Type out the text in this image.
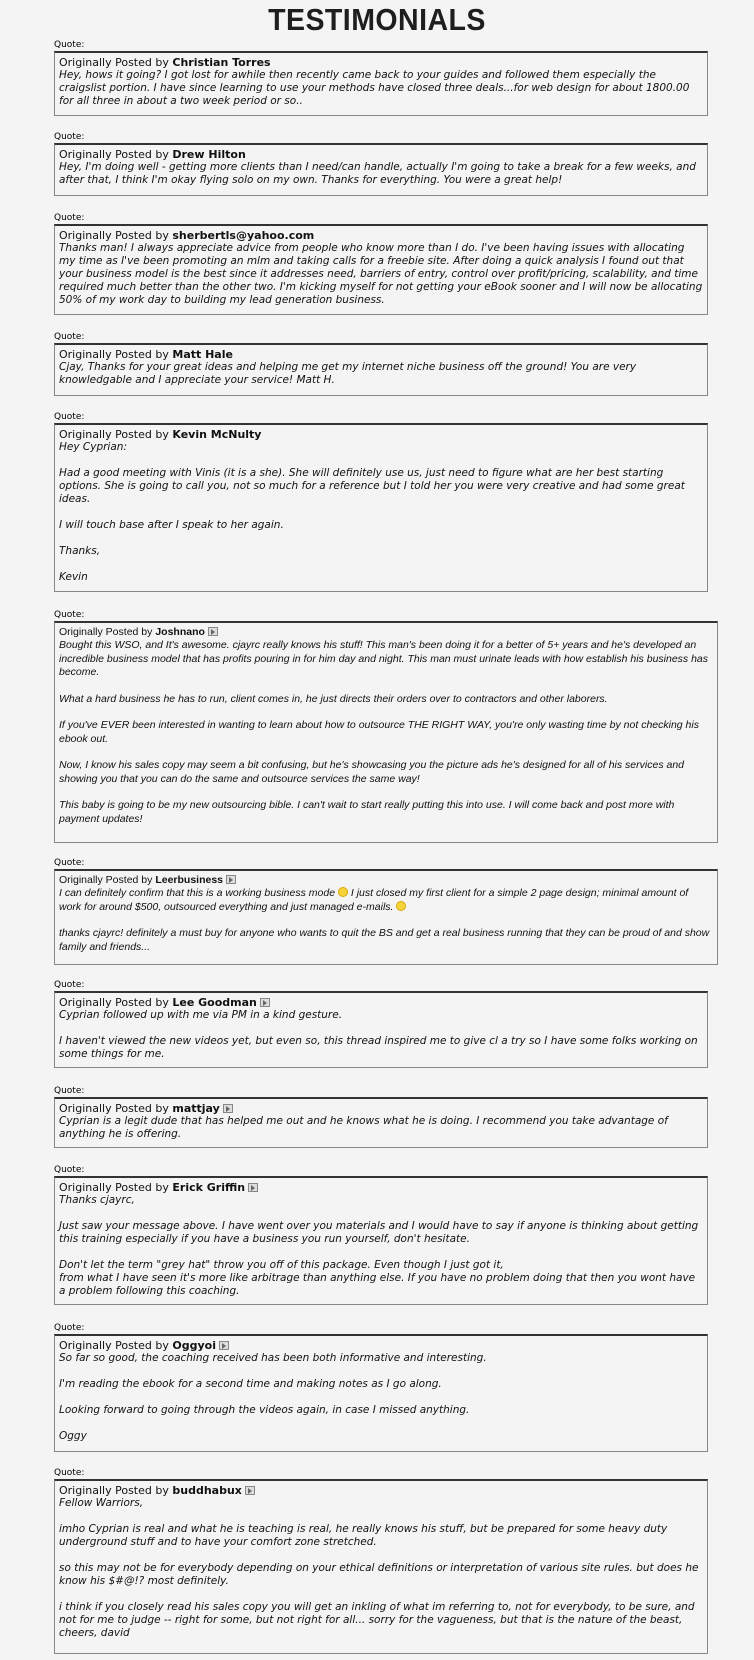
TESTIMONIALS
Quote:
Originally Posted by Christian Torres

Hey, hows it going? I got lost for awhile then recently came back to your guides and followed them especially the craigslist portion. I have since learning to use your methods have closed three deals...for web design for about 1800.00 for all three in about a two week period or so..

Quote:
Originally Posted by Drew Hilton

Hey, I'm doing well - getting more clients than I need/can handle, actually I'm going to take a break for a few weeks, and after that, I think I'm okay flying solo on my own. Thanks for everything. You were a great help!

Quote:
Originally Posted by sherbertls@yahoo.com

Thanks man! I always appreciate advice from people who know more than I do. I've been having issues with allocating my time as I've been promoting an mlm and taking calls for a freebie site. After doing a quick analysis I found out that your business model is the best since it addresses need, barriers of entry, control over profit/pricing, scalability, and time required much better than the other two. I'm kicking myself for not getting your eBook sooner and I will now be allocating 50% of my work day to building my lead generation business.

Quote:
Originally Posted by Matt Hale

Cjay, Thanks for your great ideas and helping me get my internet niche business off the ground! You are very knowledgable and I appreciate your service! Matt H.

Quote:
Originally Posted by Kevin McNulty

Hey Cyprian:

Had a good meeting with Vinis (it is a she). She will definitely use us, just need to figure what are her best starting options. She is going to call you, not so much for a reference but I told her you were very creative and had some great ideas.

I will touch base after I speak to her again.

Thanks,

Kevin

Quote:
Originally Posted by Joshnano

Bought this WSO, and It's awesome. cjayrc really knows his stuff! This man's been doing it for a better of 5+ years and he's developed an incredible business model that has profits pouring in for him day and night. This man must urinate leads with how establish his business has become.

What a hard business he has to run, client comes in, he just directs their orders over to contractors and other laborers.

If you've EVER been interested in wanting to learn about how to outsource THE RIGHT WAY, you're only wasting time by not checking his ebook out.

Now, I know his sales copy may seem a bit confusing, but he's showcasing you the picture ads he's designed for all of his services and showing you that you can do the same and outsource services the same way!

This baby is going to be my new outsourcing bible. I can't wait to start really putting this into use. I will come back and post more with payment updates!

Quote:
Originally Posted by Leerbusiness

I can definitely confirm that this is a working business mode I just closed my first client for a simple 2 page design; minimal amount of work for around $500, outsourced everything and just managed e-mails.

thanks cjayrc! definitely a must buy for anyone who wants to quit the BS and get a real business running that they can be proud of and show family and friends...

Quote:
Originally Posted by Lee Goodman

Cyprian followed up with me via PM in a kind gesture.

I haven't viewed the new videos yet, but even so, this thread inspired me to give cl a try so I have some folks working on some things for me.

Quote:
Originally Posted by mattjay

Cyprian is a legit dude that has helped me out and he knows what he is doing. I recommend you take advantage of anything he is offering.

Quote:
Originally Posted by Erick Griffin

Thanks cjayrc,

Just saw your message above. I have went over you materials and I would have to say if anyone is thinking about getting this training especially if you have a business you run yourself, don't hesitate.

Don't let the term "grey hat" throw you off of this package. Even though I just got it,

from what I have seen it's more like arbitrage than anything else. If you have no problem doing that then you wont have a problem following this coaching.

Quote:
Originally Posted by Oggyoi

So far so good, the coaching received has been both informative and interesting.

I'm reading the ebook for a second time and making notes as I go along.

Looking forward to going through the videos again, in case I missed anything.

Oggy

Quote:
Originally Posted by buddhabux

Fellow Warriors,

imho Cyprian is real and what he is teaching is real, he really knows his stuff, but be prepared for some heavy duty underground stuff and to have your comfort zone stretched.

so this may not be for everybody depending on your ethical definitions or interpretation of various site rules. but does he know his $#@!? most definitely.

i think if you closely read his sales copy you will get an inkling of what im referring to, not for everybody, to be sure, and not for me to judge -- right for some, but not right for all... sorry for the vagueness, but that is the nature of the beast, cheers, david
